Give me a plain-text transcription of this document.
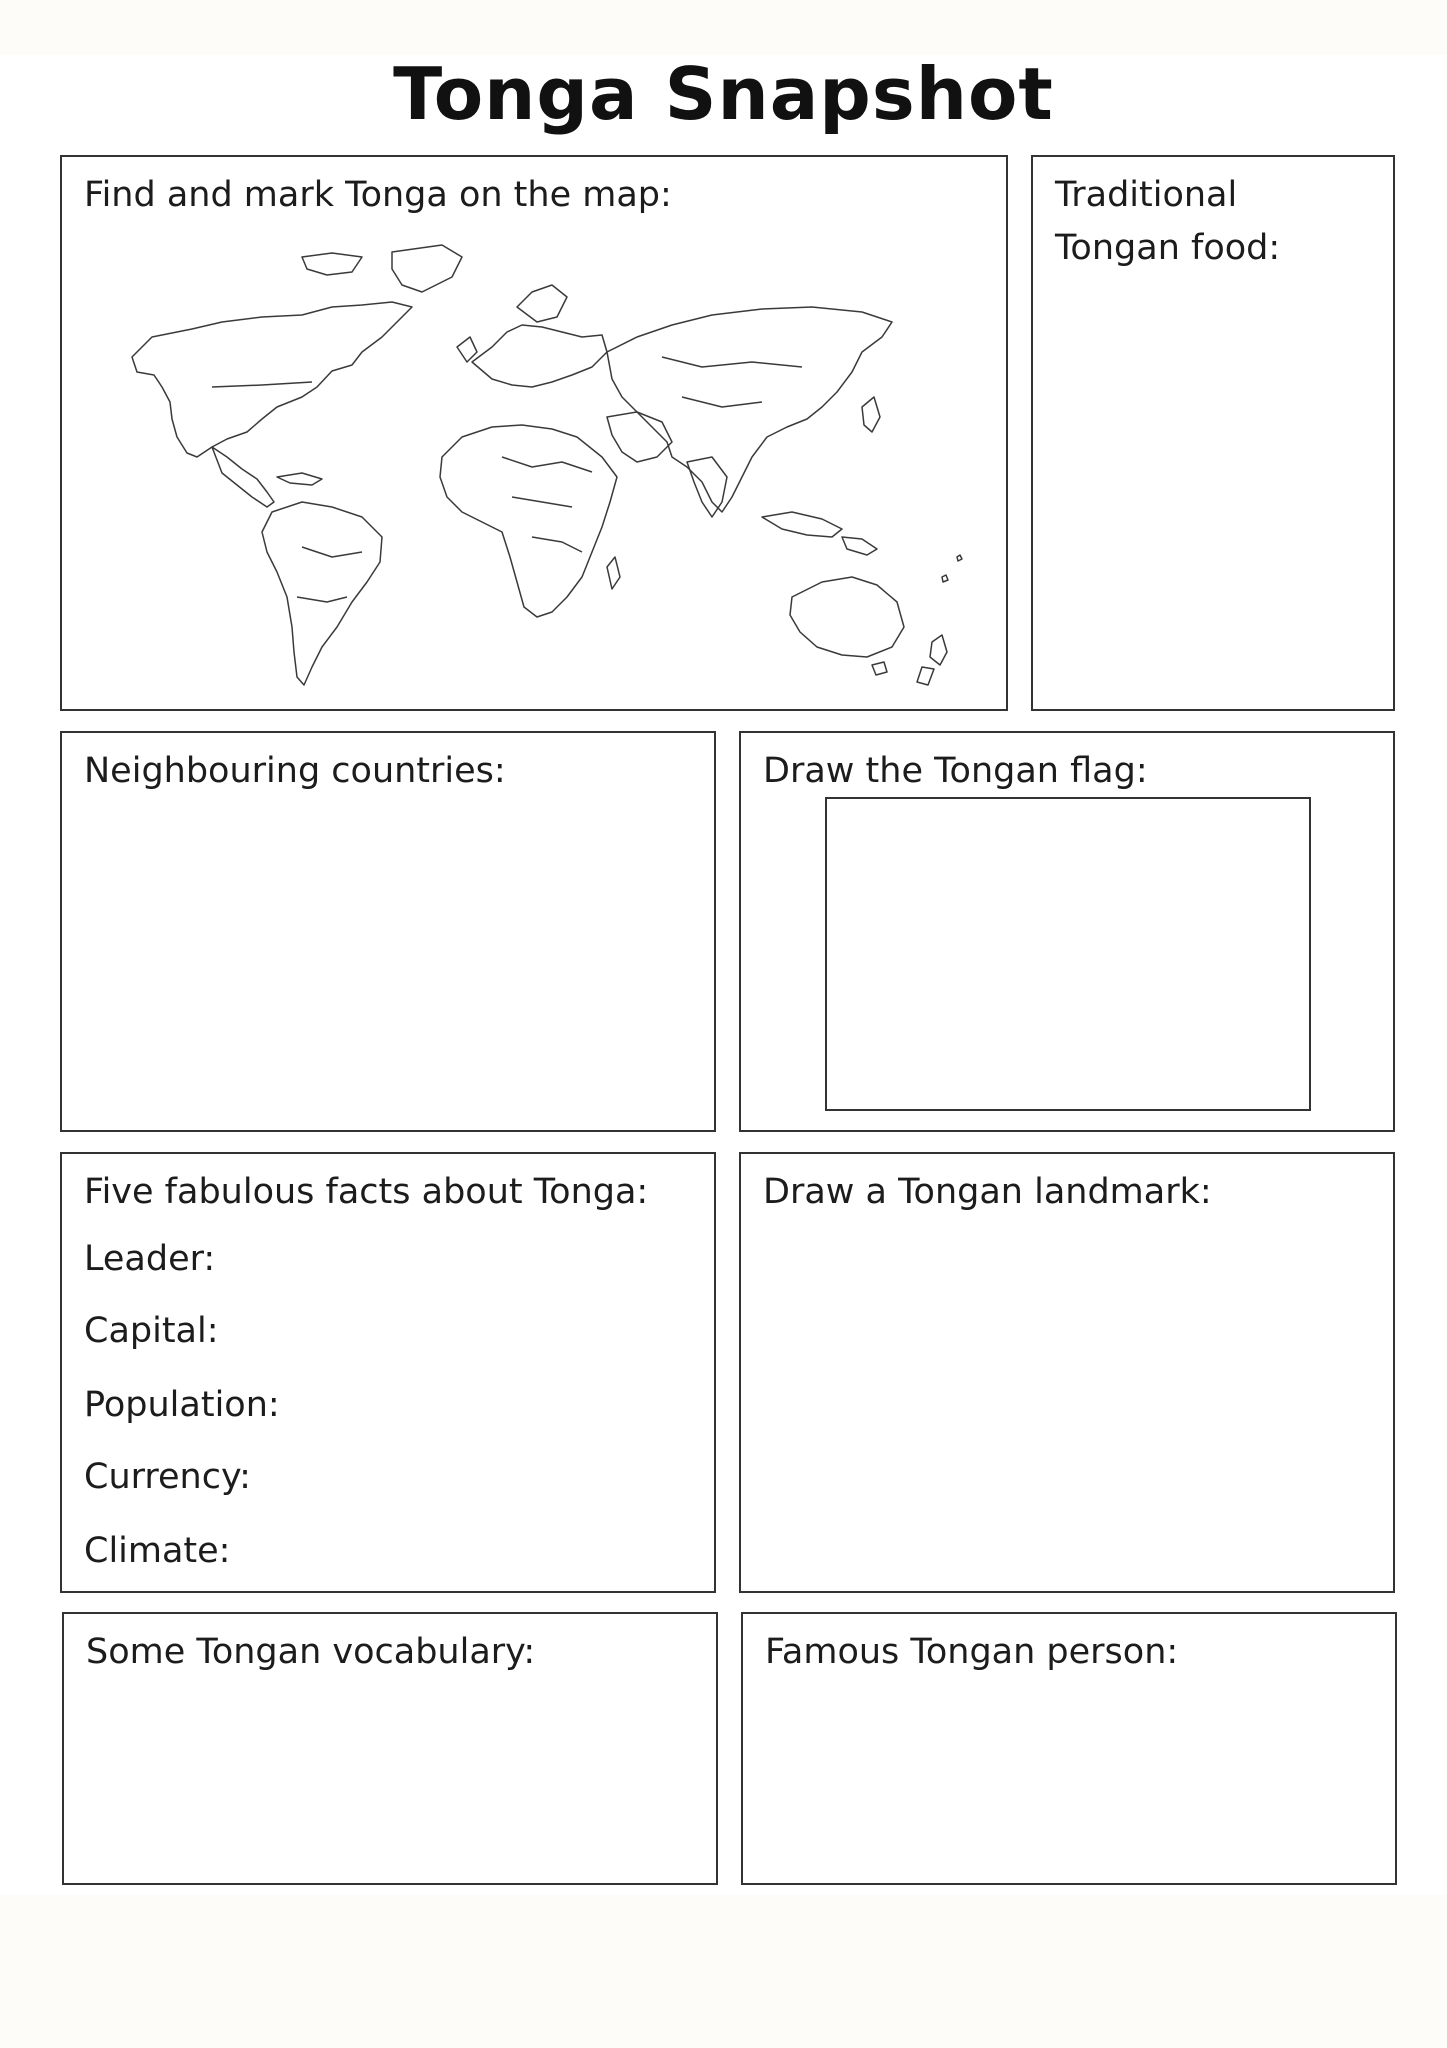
Tonga Snapshot
Find and mark Tonga on the map:	Traditional
Tongan food:
Neighbouring countries:	Draw the Tongan flag:
Five fabulous facts about Tonga:
Leader:
Capital:
Population:
Currency:
Climate:
Draw a Tongan landmark:
Some Tongan vocabulary:	Famous Tongan person:
